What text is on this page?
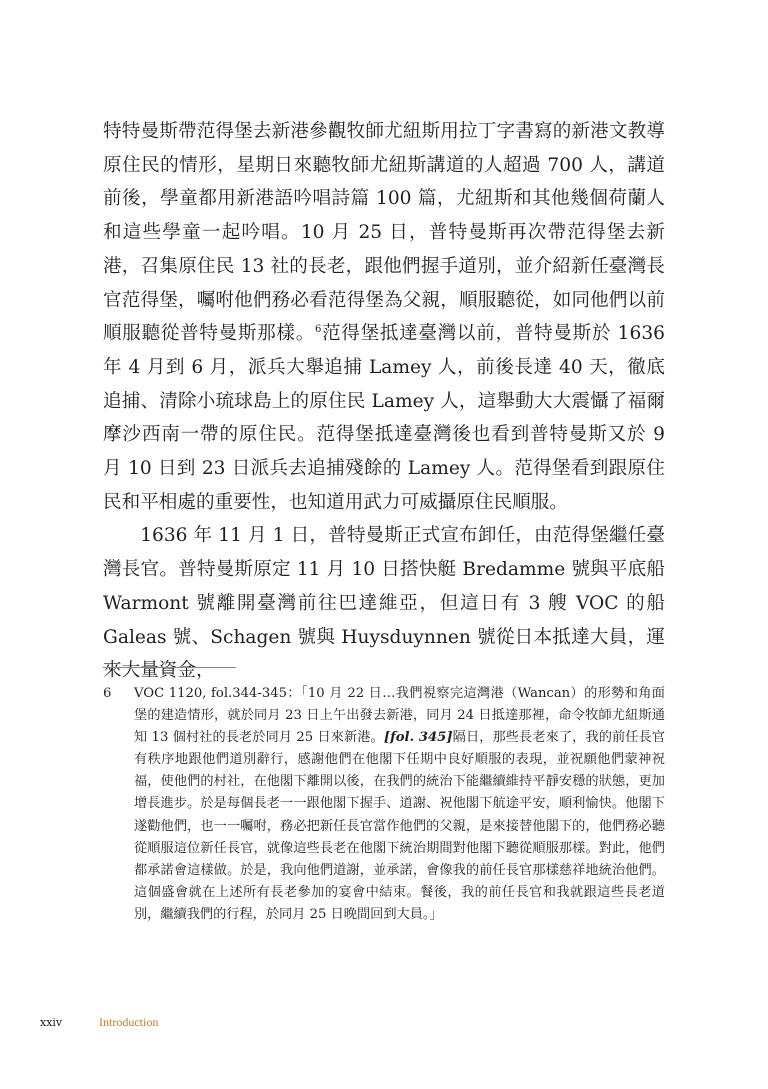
特特曼斯帶范得堡去新港參觀牧師尤紐斯用拉丁字書寫的新港文教導原住民的情形，星期日來聽牧師尤紐斯講道的人超過 700 人，講道前後，學童都用新港語吟唱詩篇 100 篇，尤紐斯和其他幾個荷蘭人和這些學童一起吟唱。10 月 25 日，普特曼斯再次帶范得堡去新港，召集原住民 13 社的長老，跟他們握手道別，並介紹新任臺灣長官范得堡，囑咐他們務必看范得堡為父親，順服聽從，如同他們以前順服聽從普特曼斯那樣。$^6$范得堡抵達臺灣以前，普特曼斯於 1636 年 4 月到 6 月，派兵大舉追捕 Lamey 人，前後長達 40 天，徹底追捕、清除小琉球島上的原住民 Lamey 人，這舉動大大震懾了福爾摩沙西南一帶的原住民。范得堡抵達臺灣後也看到普特曼斯又於 9 月 10 日到 23 日派兵去追捕殘餘的 Lamey 人。范得堡看到跟原住民和平相處的重要性，也知道用武力可威攝原住民順服。

1636 年 11 月 1 日，普特曼斯正式宣布卸任，由范得堡繼任臺灣長官。普特曼斯原定 11 月 10 日搭快艇 Bredamme 號與平底船 Warmont 號離開臺灣前往巴達維亞，但這日有 3 艘 VOC 的船 Galeas 號、Schagen 號與 Huysduynnen 號從日本抵達大員，運來大量資金，

6	VOC 1120, fol.344-345：「10 月 22 日…我們視察完這灣港（Wancan）的形勢和角面堡的建造情形，就於同月 23 日上午出發去新港，同月 24 日抵達那裡，命令牧師尤紐斯通知 13 個村社的長老於同月 25 日來新港。[fol. 345]隔日，那些長老來了，我的前任長官有秩序地跟他們道別辭行，感謝他們在他閣下任期中良好順服的表現，並祝願他們蒙神祝福，使他們的村社，在他閣下離開以後，在我們的統治下能繼續維持平靜安穩的狀態，更加增長進步。於是每個長老一一跟他閣下握手、道謝、祝他閣下航途平安，順利愉快。他閣下遂勸他們，也一一囑咐，務必把新任長官當作他們的父親，是來接替他閣下的，他們務必聽從順服這位新任長官，就像這些長老在他閣下統治期間對他閣下聽從順服那樣。對此，他們都承諾會這樣做。於是，我向他們道謝，並承諾，會像我的前任長官那樣慈祥地統治他們。這個盛會就在上述所有長老參加的宴會中結束。餐後，我的前任長官和我就跟這些長老道別，繼續我們的行程，於同月 25 日晚間回到大員。」
xxiv	Introduction
